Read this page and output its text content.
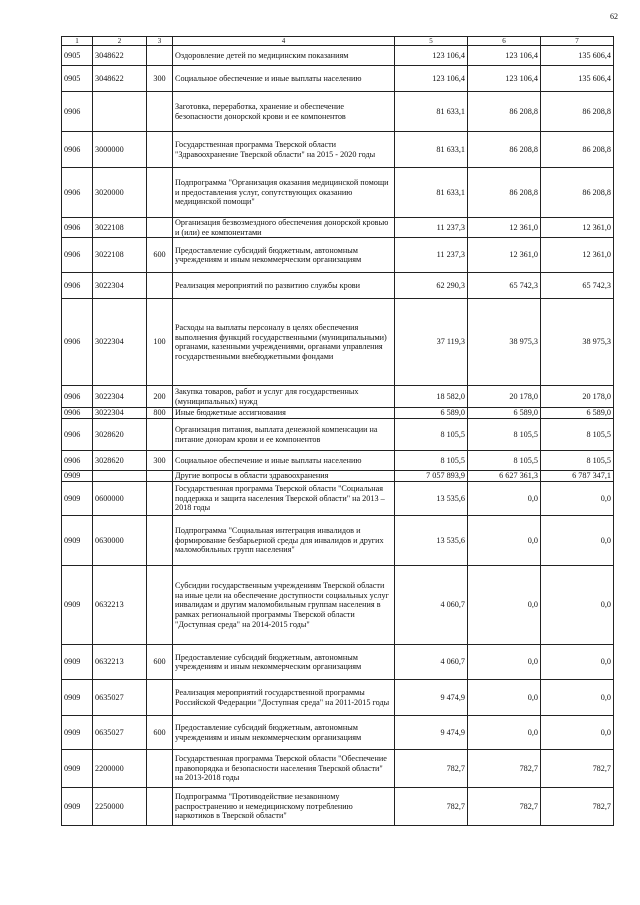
62
1	2	3	4	5	6	7
0905	3048622		Оздоровление детей по медицинским показаниям	123 106,4	123 106,4	135 606,4
0905	3048622	300	Социальное обеспечение и иные выплаты населению	123 106,4	123 106,4	135 606,4
0906			Заготовка, переработка, хранение и обеспечение безопасности донорской крови и ее компонентов	81 633,1	86 208,8	86 208,8
0906	3000000		Государственная программа Тверской области "Здравоохранение Тверской области" на 2015 - 2020 годы	81 633,1	86 208,8	86 208,8
0906	3020000		Подпрограмма "Организация оказания медицинской помощи и предоставления услуг, сопутствующих оказанию медицинской помощи"	81 633,1	86 208,8	86 208,8
0906	3022108		Организация безвозмездного обеспечения донорской кровью и (или) ее компонентами	11 237,3	12 361,0	12 361,0
0906	3022108	600	Предоставление субсидий бюджетным, автономным учреждениям и иным некоммерческим организациям	11 237,3	12 361,0	12 361,0
0906	3022304		Реализация мероприятий по развитию службы крови	62 290,3	65 742,3	65 742,3
0906	3022304	100	Расходы на выплаты персоналу в целях обеспечения выполнения функций государственными (муниципальными) органами, казенными учреждениями, органами управления государственными внебюджетными фондами	37 119,3	38 975,3	38 975,3
0906	3022304	200	Закупка товаров, работ и услуг для государственных (муниципальных) нужд	18 582,0	20 178,0	20 178,0
0906	3022304	800	Иные бюджетные ассигнования	6 589,0	6 589,0	6 589,0
0906	3028620		Организация питания, выплата денежной компенсации на питание донорам крови и ее компонентов	8 105,5	8 105,5	8 105,5
0906	3028620	300	Социальное обеспечение и иные выплаты населению	8 105,5	8 105,5	8 105,5
0909			Другие вопросы в области здравоохранения	7 057 893,9	6 627 361,3	6 787 347,1
0909	0600000		Государственная программа Тверской области "Социальная поддержка и защита населения Тверской области" на 2013 – 2018 годы	13 535,6	0,0	0,0
0909	0630000		Подпрограмма "Социальная интеграция инвалидов и формирование безбарьерной среды для инвалидов и других маломобильных групп населения"	13 535,6	0,0	0,0
0909	0632213		Субсидии государственным учреждениям Тверской области на иные цели на обеспечение доступности социальных услуг инвалидам и другим маломобильным группам населения в рамках региональной программы Тверской области "Доступная среда" на 2014-2015 годы"	4 060,7	0,0	0,0
0909	0632213	600	Предоставление субсидий бюджетным, автономным учреждениям и иным некоммерческим организациям	4 060,7	0,0	0,0
0909	0635027		Реализация мероприятий государственной программы Российской Федерации "Доступная среда" на 2011-2015 годы	9 474,9	0,0	0,0
0909	0635027	600	Предоставление субсидий бюджетным, автономным учреждениям и иным некоммерческим организациям	9 474,9	0,0	0,0
0909	2200000		Государственная программа Тверской области "Обеспечение правопорядка и безопасности населения Тверской области" на 2013-2018 годы	782,7	782,7	782,7
0909	2250000		Подпрограмма "Противодействие незаконному распространению и немедицинскому потреблению наркотиков в Тверской области"	782,7	782,7	782,7
